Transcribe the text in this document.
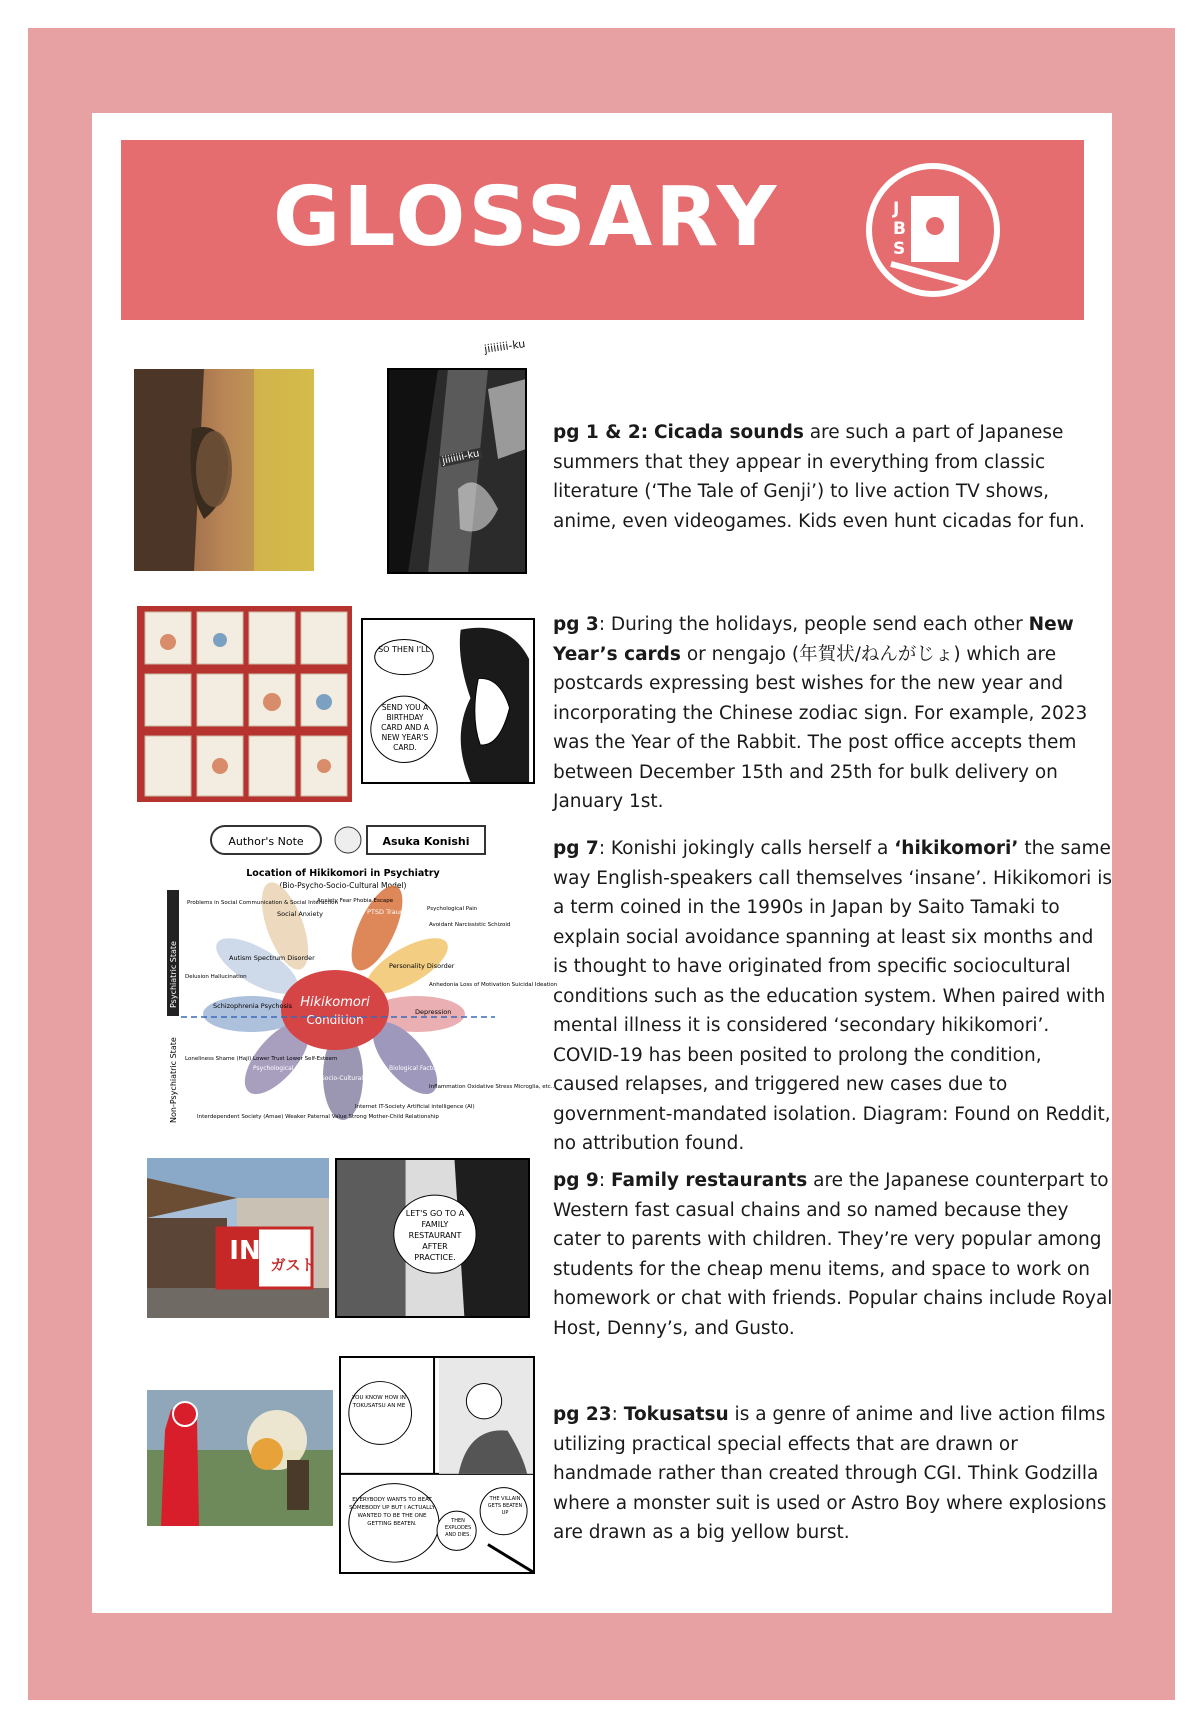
GLOSSARY	J
B
S
jiiiiiii-ku
jiiiiiii-ku
pg 1 & 2: Cicada sounds are such a part of Japanese summers that they appear in everything from classic literature (‘The Tale of Genji’) to live action TV shows, anime, even videogames. Kids even hunt cicadas for fun.
SO THEN I'LL
SEND YOU A BIRTHDAY CARD AND A NEW YEAR'S CARD.
pg 3: During the holidays, people send each other New Year’s cards or nengajo (年賀状/ねんがじょ) which are postcards expressing best wishes for the new year and incorporating the Chinese zodiac sign. For example, 2023 was the Year of the Rabbit. The post office accepts them between December 15th and 25th for bulk delivery on January 1st.
Author's Note	Asuka Konishi
Location of Hikikomori in Psychiatry
(Bio-Psycho-Socio-Cultural Model)
Psychiatric State
Non-Psychiatric State
Hikikomori
Condition
Social Anxiety	PTSD Trauma
Autism Spectrum Disorder
Personality Disorder
Schizophrenia Psychosis
Depression
Psychological Factors
Socio-Cultural Factors
Biological Factors
Problems in Social Communication & Social Interaction
Anxiety Fear Phobia Escape
Psychological Pain
Avoidant Narcissistic Schizoid
Delusion Hallucination
Anhedonia Loss of Motivation Suicidal Ideation
Loneliness Shame (Haji) Lower Trust Lower Self-Esteem
Inflammation Oxidative Stress Microglia, etc...
Internet IT-Society Artificial intelligence (AI)
Interdependent Society (Amae) Weaker Paternal Value Strong Mother-Child Relationship
pg 7: Konishi jokingly calls herself a ‘hikikomori’ the same way English-speakers call themselves ‘insane’. Hikikomori is a term coined in the 1990s in Japan by Saito Tamaki to explain social avoidance spanning at least six months and is thought to have originated from specific sociocultural conditions such as the education system. When paired with mental illness it is considered ‘secondary hikikomori’. COVID-19 has been posited to prolong the condition, caused relapses, and triggered new cases due to government-mandated isolation. Diagram: Found on Reddit, no attribution found.
IN ガスト
LET'S GO TO A FAMILY RESTAURANT AFTER PRACTICE.
pg 9: Family restaurants are the Japanese counterpart to Western fast casual chains and so named because they cater to parents with children. They’re very popular among students for the cheap menu items, and space to work on homework or chat with friends. Popular chains include Royal Host, Denny’s, and Gusto.
YOU KNOW HOW IN TOKUSATSU AN ME
EVERYBODY WANTS TO BEAT SOMEBODY UP BUT I ACTUALLY WANTED TO BE THE ONE GETTING BEATEN.	THEN EXPLODES AND DIES.
THE VILLAIN GETS BEATEN UP
pg 23: Tokusatsu is a genre of anime and live action films utilizing practical special effects that are drawn or handmade rather than created through CGI. Think Godzilla where a monster suit is used or Astro Boy where explosions are drawn as a big yellow burst.
